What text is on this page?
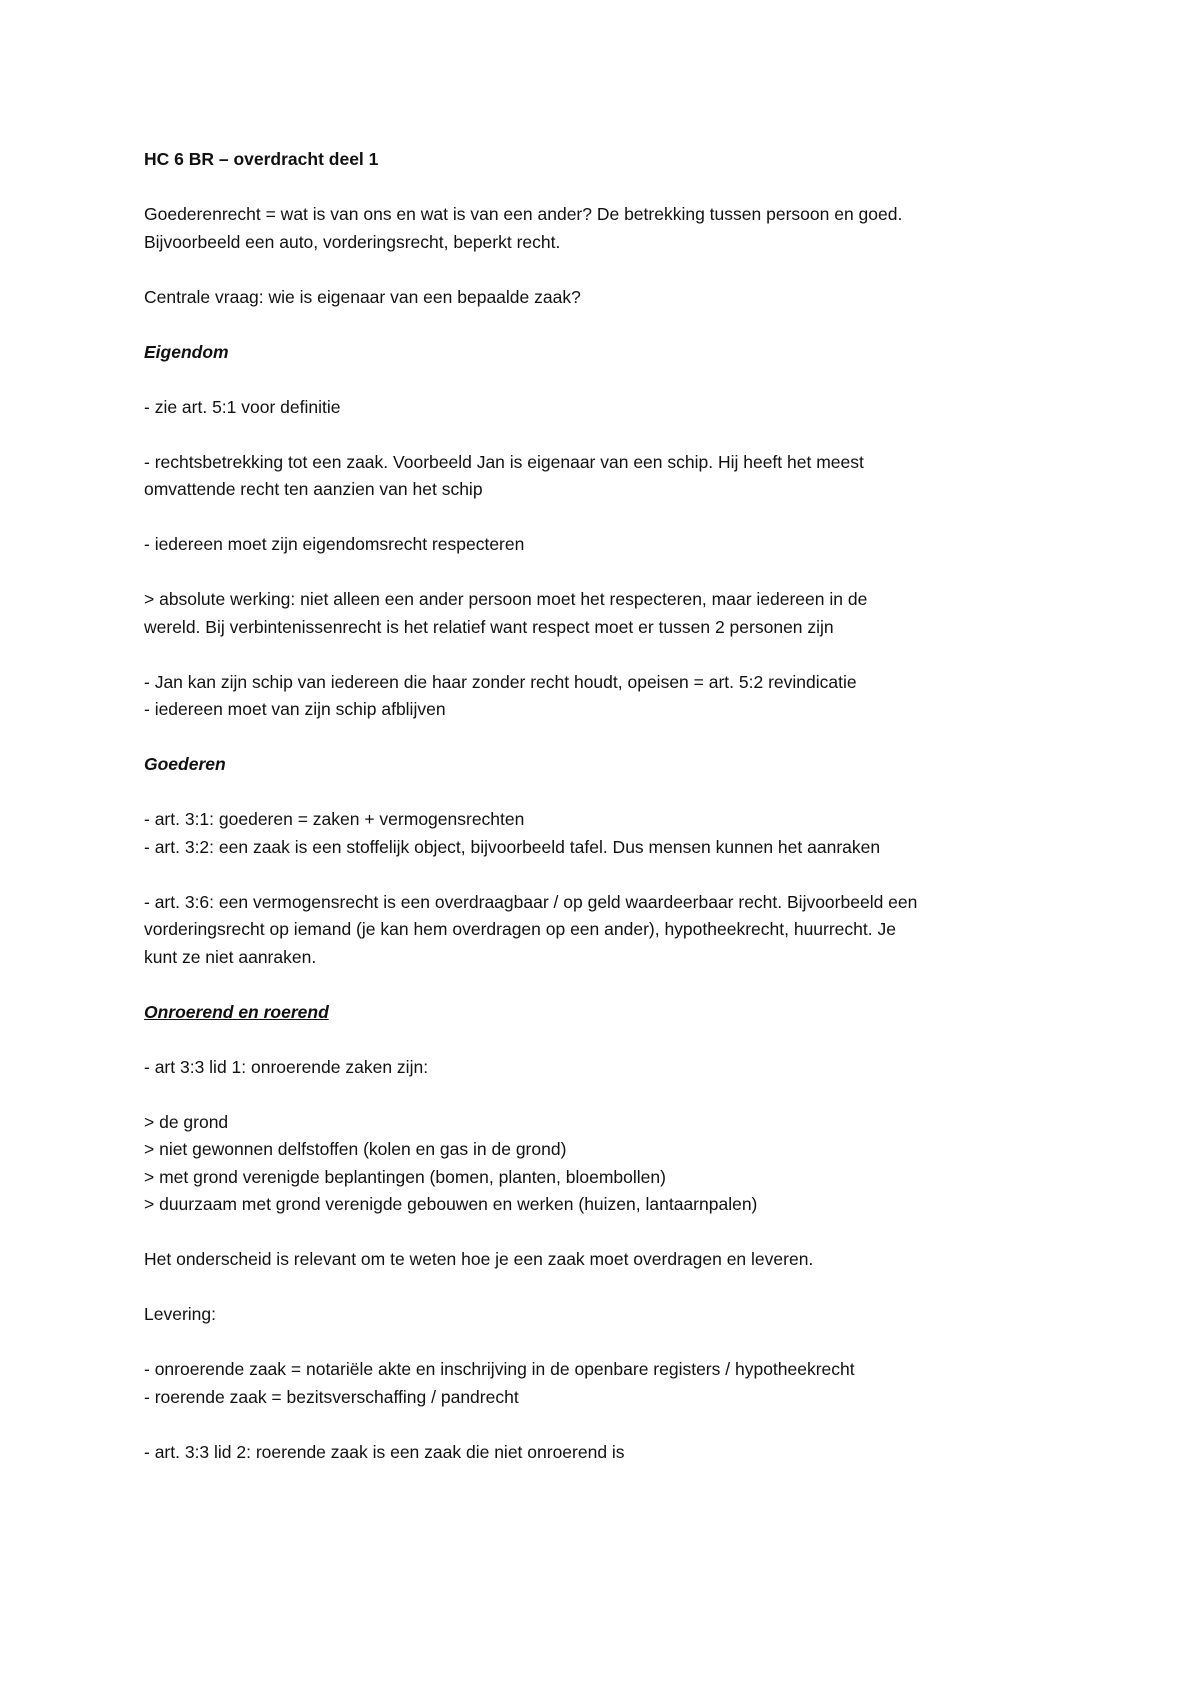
HC 6 BR – overdracht deel 1

Goederenrecht = wat is van ons en wat is van een ander? De betrekking tussen persoon en goed.
Bijvoorbeeld een auto, vorderingsrecht, beperkt recht.

Centrale vraag: wie is eigenaar van een bepaalde zaak?

Eigendom

- zie art. 5:1 voor definitie

- rechtsbetrekking tot een zaak. Voorbeeld Jan is eigenaar van een schip. Hij heeft het meest
omvattende recht ten aanzien van het schip

- iedereen moet zijn eigendomsrecht respecteren

> absolute werking: niet alleen een ander persoon moet het respecteren, maar iedereen in de
wereld. Bij verbintenissenrecht is het relatief want respect moet er tussen 2 personen zijn

- Jan kan zijn schip van iedereen die haar zonder recht houdt, opeisen = art. 5:2 revindicatie
- iedereen moet van zijn schip afblijven

Goederen

- art. 3:1: goederen = zaken + vermogensrechten
- art. 3:2: een zaak is een stoffelijk object, bijvoorbeeld tafel. Dus mensen kunnen het aanraken

- art. 3:6: een vermogensrecht is een overdraagbaar / op geld waardeerbaar recht. Bijvoorbeeld een
vorderingsrecht op iemand (je kan hem overdragen op een ander), hypotheekrecht, huurrecht. Je
kunt ze niet aanraken.

Onroerend en roerend

- art 3:3 lid 1: onroerende zaken zijn:

> de grond
> niet gewonnen delfstoffen (kolen en gas in de grond)
> met grond verenigde beplantingen (bomen, planten, bloembollen)
> duurzaam met grond verenigde gebouwen en werken (huizen, lantaarnpalen)

Het onderscheid is relevant om te weten hoe je een zaak moet overdragen en leveren.

Levering:

- onroerende zaak = notariële akte en inschrijving in de openbare registers / hypotheekrecht
- roerende zaak = bezitsverschaffing / pandrecht

- art. 3:3 lid 2: roerende zaak is een zaak die niet onroerend is
